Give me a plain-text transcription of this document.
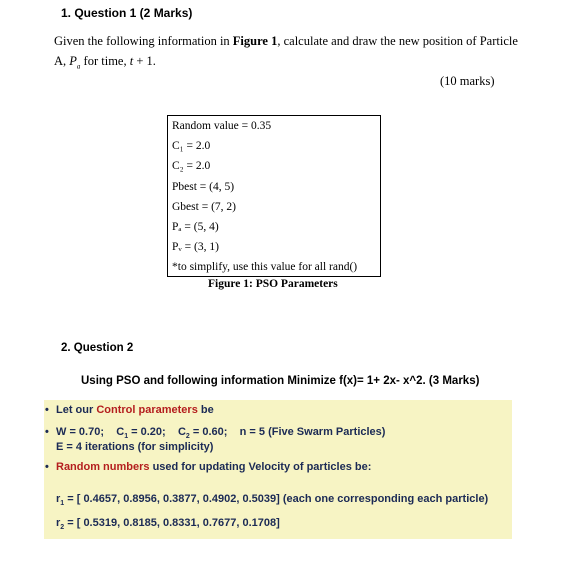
1. Question 1 (2 Marks)
Given the following information in Figure 1, calculate and draw the new position of Particle
A, $P_a$ for time, t + 1.
(10 marks)
Random value = 0.35
C₁ = 2.0
C₂ = 2.0
Pbest = (4, 5)
Gbest = (7, 2)
Pₐ = (5, 4)
Pᵥ = (3, 1)
*to simplify, use this value for all rand()
Figure 1: PSO Parameters
2. Question 2
Using PSO and following information Minimize f(x)= 1+ 2x- x^2. (3 Marks)
• Let our Control parameters be
• W = 0.70; $C_1 = 0.20$; $C_2 = 0.60$; n = 5 (Five Swarm Particles)
E = 4 iterations (for simplicity)
• Random numbers used for updating Velocity of particles be:
$r_1$ = [ 0.4657, 0.8956, 0.3877, 0.4902, 0.5039] (each one corresponding each particle)
$r_2$ = [ 0.5319, 0.8185, 0.8331, 0.7677, 0.1708]
